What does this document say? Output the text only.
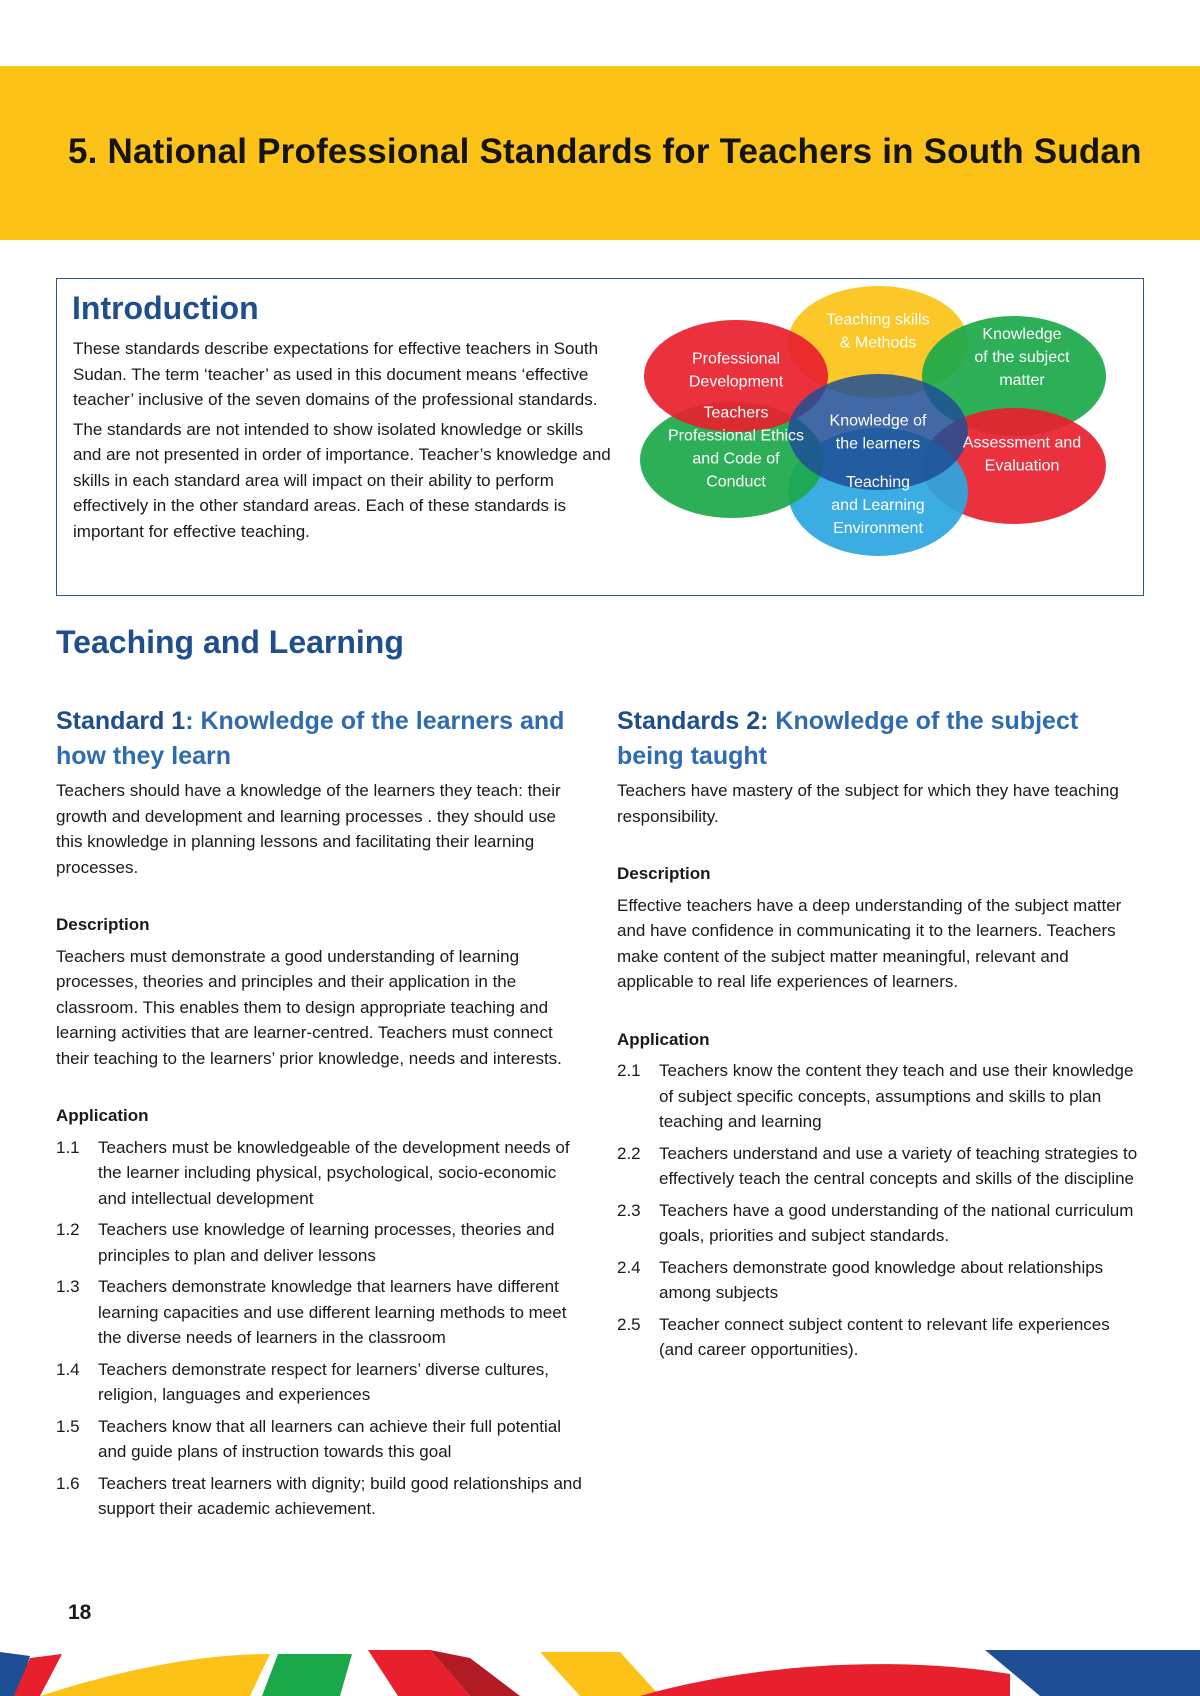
5. National Professional Standards for Teachers in South Sudan
Introduction

These standards describe expectations for effective teachers in South Sudan. The term ‘teacher’ as used in this document means ‘effective teacher’ inclusive of the seven domains of the professional standards.

The standards are not intended to show isolated knowledge or skills and are not presented in order of importance. Teacher’s knowledge and skills in each standard area will impact on their ability to perform effectively in the other standard areas. Each of these standards is important for effective teaching.

Teaching skills & Methods	Knowledge of the subject matter
Assessment and Evaluation
Teaching and Learning Environment
Teachers Professional Ethics and Code of Conduct
Professional Development
Knowledge of the learners
Teaching and Learning
Standard 1: Knowledge of the learners and how they learn

Teachers should have a knowledge of the learners they teach: their growth and development and learning processes . they should use this knowledge in planning lessons and facilitating their learning processes.

Description

Teachers must demonstrate a good understanding of learning processes, theories and principles and their application in the classroom. This enables them to design appropriate teaching and learning activities that are learner-centred. Teachers must connect their teaching to the learners’ prior knowledge, needs and interests.

Application
1.1	Teachers must be knowledgeable of the development needs of the learner including physical, psychological, socio-economic and intellectual development
1.2	Teachers use knowledge of learning processes, theories and principles to plan and deliver lessons
1.3	Teachers demonstrate knowledge that learners have different learning capacities and use different learning methods to meet the diverse needs of learners in the classroom
1.4	Teachers demonstrate respect for learners’ diverse cultures, religion, languages and experiences
1.5	Teachers know that all learners can achieve their full potential and guide plans of instruction towards this goal
1.6	Teachers treat learners with dignity; build good relationships and support their academic achievement.
Standards 2: Knowledge of the subject being taught

Teachers have mastery of the subject for which they have teaching responsibility.

Description

Effective teachers have a deep understanding of the subject matter and have confidence in communicating it to the learners. Teachers make content of the subject matter meaningful, relevant and applicable to real life experiences of learners.

Application
2.1	Teachers know the content they teach and use their knowledge of subject specific concepts, assumptions and skills to plan teaching and learning
2.2	Teachers understand and use a variety of teaching strategies to effectively teach the central concepts and skills of the discipline
2.3	Teachers have a good understanding of the national curriculum goals, priorities and subject standards.
2.4	Teachers demonstrate good knowledge about relationships among subjects
2.5	Teacher connect subject content to relevant life experiences (and career opportunities).
18
